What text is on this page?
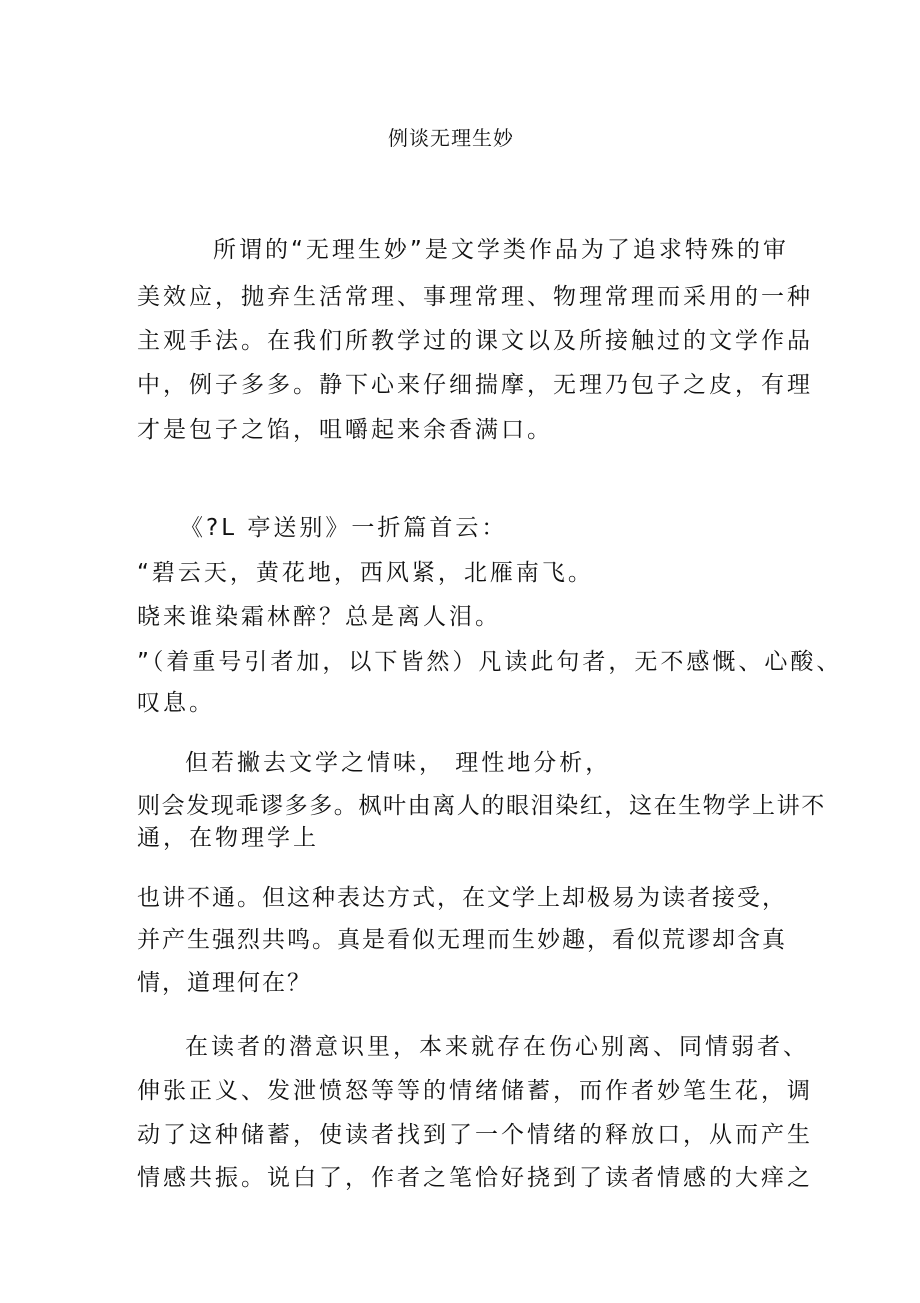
例谈无理生妙
所谓的“无理生妙”是文学类作品为了追求特殊的审
美效应，抛弃生活常理、事理常理、物理常理而采用的一种
主观手法。在我们所教学过的课文以及所接触过的文学作品
中，例子多多。静下心来仔细揣摩，无理乃包子之皮，有理
才是包子之馅，咀嚼起来余香满口。
《?L 亭送别》一折篇首云：
“碧云天，黄花地，西风紧，北雁南飞。
晓来谁染霜林醉？总是离人泪。
”（着重号引者加，以下皆然）凡读此句者，无不感慨、心酸、
叹息。
但若撇去文学之情味， 理性地分析，
则会发现乖谬多多。枫叶由离人的眼泪染红，这在生物学上讲不
通，在物理学上
也讲不通。但这种表达方式，在文学上却极易为读者接受，
并产生强烈共鸣。真是看似无理而生妙趣，看似荒谬却含真
情，道理何在？
在读者的潜意识里，本来就存在伤心别离、同情弱者、
伸张正义、发泄愤怒等等的情绪储蓄，而作者妙笔生花，调
动了这种储蓄，使读者找到了一个情绪的释放口，从而产生
情感共振。说白了，作者之笔恰好挠到了读者情感的大痒之
